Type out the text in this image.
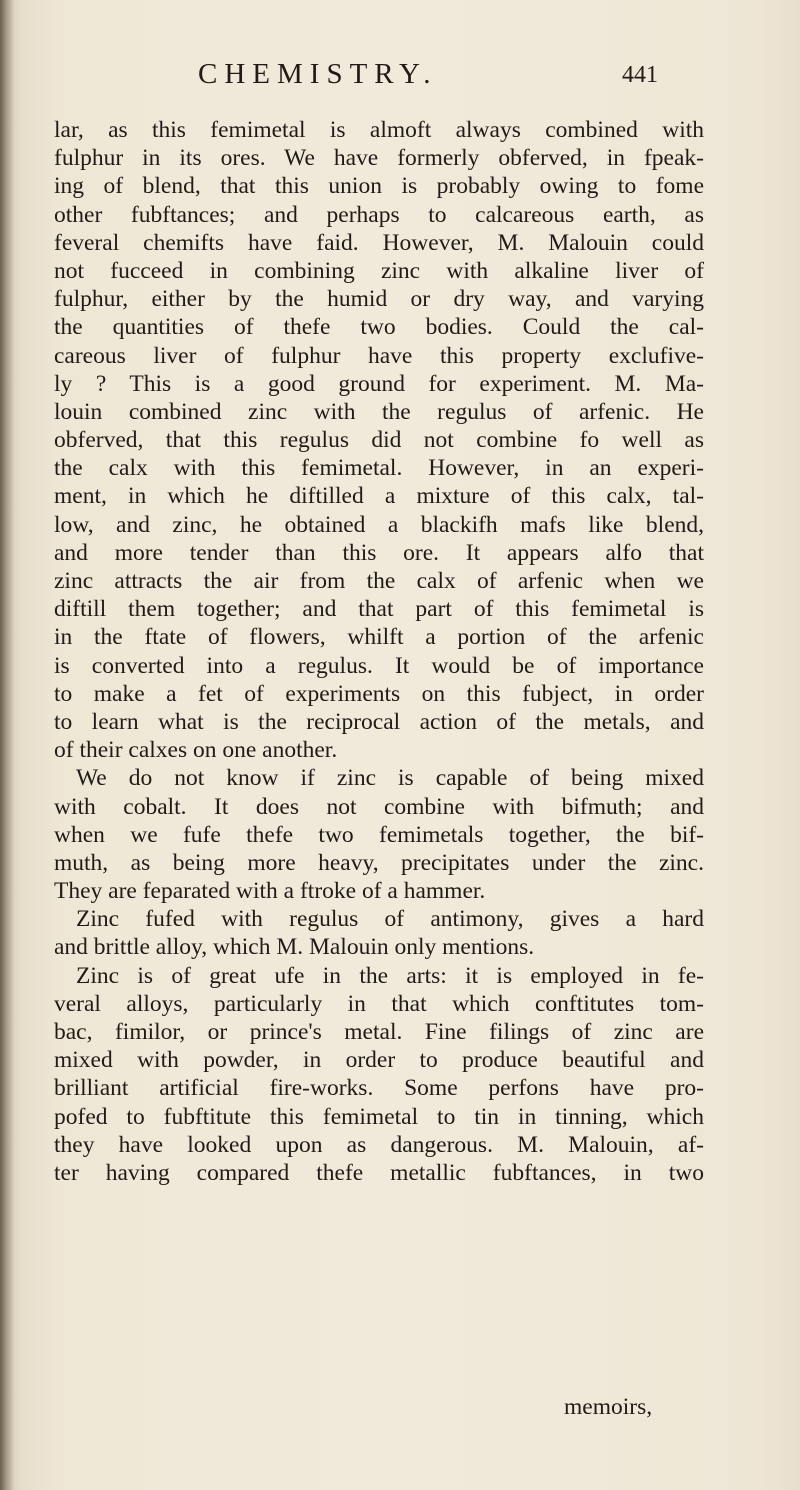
CHEMISTRY.	441
lar, as this femimetal is almoft always combined with
fulphur in its ores. We have formerly obferved, in fpeak-
ing of blend, that this union is probably owing to fome
other fubftances; and perhaps to calcareous earth, as
feveral chemifts have faid. However, M. Malouin could
not fucceed in combining zinc with alkaline liver of
fulphur, either by the humid or dry way, and varying
the quantities of thefe two bodies. Could the cal-
careous liver of fulphur have this property exclufive-
ly ? This is a good ground for experiment. M. Ma-
louin combined zinc with the regulus of arfenic. He
obferved, that this regulus did not combine fo well as
the calx with this femimetal. However, in an experi-
ment, in which he diftilled a mixture of this calx, tal-
low, and zinc, he obtained a blackifh mafs like blend,
and more tender than this ore. It appears alfo that
zinc attracts the air from the calx of arfenic when we
diftill them together; and that part of this femimetal is
in the ftate of flowers, whilft a portion of the arfenic
is converted into a regulus. It would be of importance
to make a fet of experiments on this fubject, in order
to learn what is the reciprocal action of the metals, and
of their calxes on one another.
We do not know if zinc is capable of being mixed
with cobalt. It does not combine with bifmuth; and
when we fufe thefe two femimetals together, the bif-
muth, as being more heavy, precipitates under the zinc.
They are feparated with a ftroke of a hammer.
Zinc fufed with regulus of antimony, gives a hard
and brittle alloy, which M. Malouin only mentions.
Zinc is of great ufe in the arts: it is employed in fe-
veral alloys, particularly in that which conftitutes tom-
bac, fimilor, or prince's metal. Fine filings of zinc are
mixed with powder, in order to produce beautiful and
brilliant artificial fire-works. Some perfons have pro-
pofed to fubftitute this femimetal to tin in tinning, which
they have looked upon as dangerous. M. Malouin, af-
ter having compared thefe metallic fubftances, in two
memoirs,
